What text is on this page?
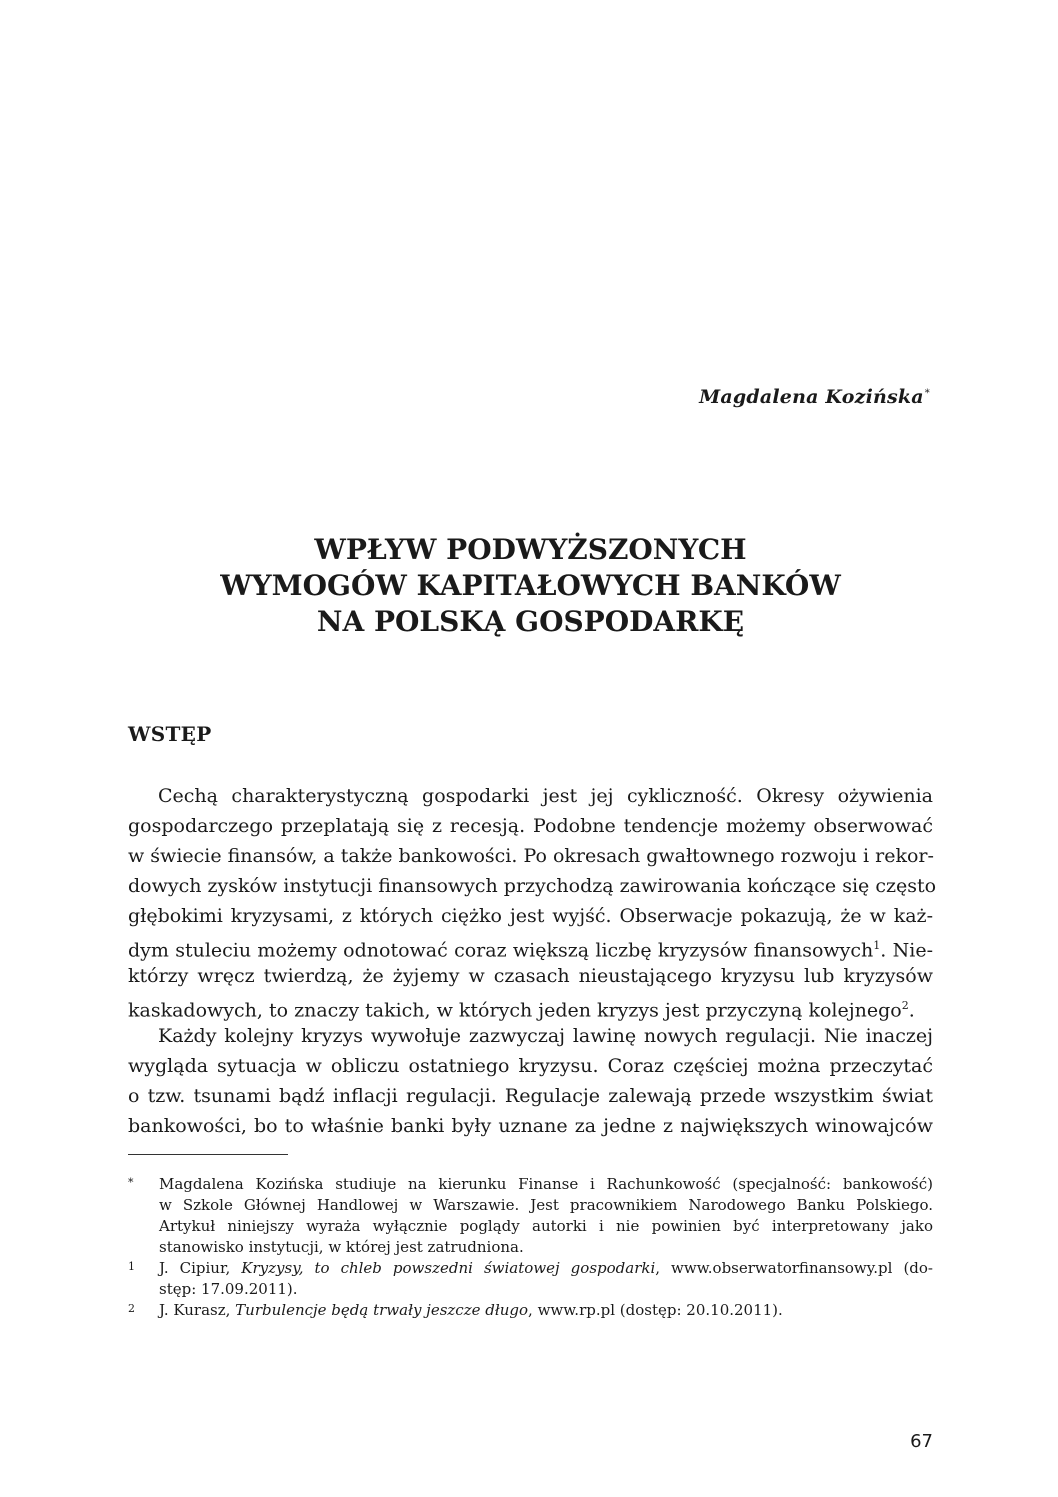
Magdalena Kozińska*
WPŁYW PODWYŻSZONYCH
WYMOGÓW KAPITAŁOWYCH BANKÓW
NA POLSKĄ GOSPODARKĘ
WSTĘP
Cechą charakterystyczną gospodarki jest jej cykliczność. Okresy ożywienia
gospodarczego przeplatają się z recesją. Podobne tendencje możemy obserwować
w świecie finansów, a także bankowości. Po okresach gwałtownego rozwoju i rekor-
dowych zysków instytucji finansowych przychodzą zawirowania kończące się często
głębokimi kryzysami, z których ciężko jest wyjść. Obserwacje pokazują, że w każ-
dym stuleciu możemy odnotować coraz większą liczbę kryzysów finansowych$^1$. Nie-
którzy wręcz twierdzą, że żyjemy w czasach nieustającego kryzysu lub kryzysów
kaskadowych, to znaczy takich, w których jeden kryzys jest przyczyną kolejnego$^2$.
Każdy kolejny kryzys wywołuje zazwyczaj lawinę nowych regulacji. Nie inaczej
wygląda sytuacja w obliczu ostatniego kryzysu. Coraz częściej można przeczytać
o tzw. tsunami bądź inflacji regulacji. Regulacje zalewają przede wszystkim świat
bankowości, bo to właśnie banki były uznane za jedne z największych winowajców
* Magdalena Kozińska studiuje na kierunku Finanse i Rachunkowość (specjalność: bankowość)
w Szkole Głównej Handlowej w Warszawie. Jest pracownikiem Narodowego Banku Polskiego.
Artykuł niniejszy wyraża wyłącznie poglądy autorki i nie powinien być interpretowany jako
stanowisko instytucji, w której jest zatrudniona.
1 J. Cipiur, Kryzysy, to chleb powszedni światowej gospodarki, www.obserwatorfinansowy.pl (do-
stęp: 17.09.2011).
2 J. Kurasz, Turbulencje będą trwały jeszcze długo, www.rp.pl (dostęp: 20.10.2011).
67
